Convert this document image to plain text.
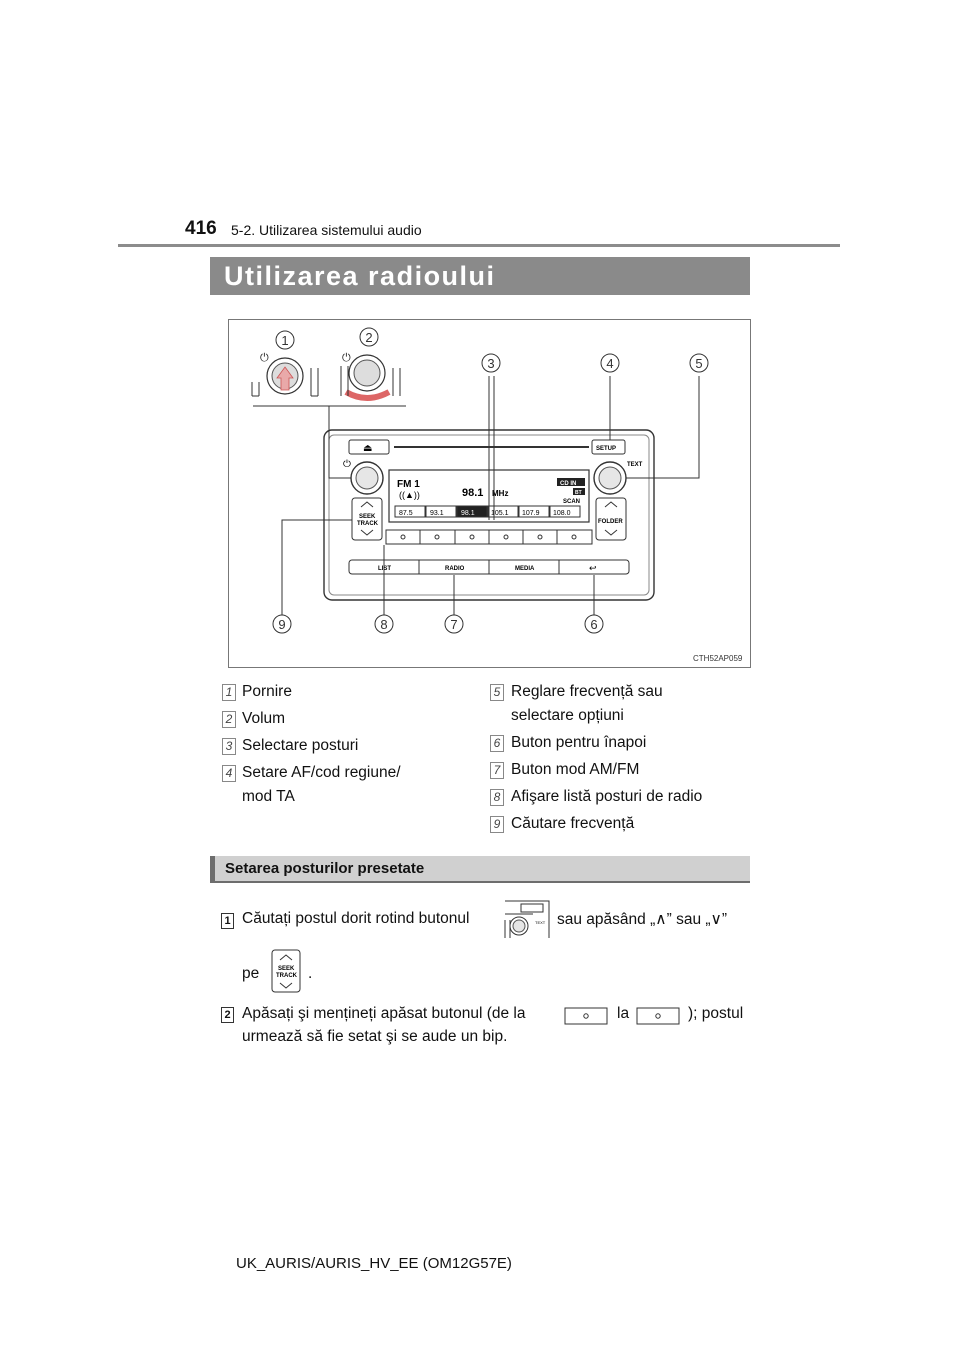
416 5-2. Utilizarea sistemului audio
Utilizarea radioului
⏻	⏻
⏏	SETUP
⏻	TEXT
FM 1
98.1 MHz
CD IN
BT
SCAN
((▲))
87.5 93.1 98.1 105.1 107.9 108.0
SEEK
TRACK	FOLDER
LIST	RADIO	MEDIA	↩
1	2
3	4	5
6
7
8
9
CTH52AP059
1 Pornire
2 Volum
3 Selectare posturi
4 Setare AF/cod regiune/
mod TA
5 Reglare frecvență sau
selectare opțiuni
6 Buton pentru înapoi
7 Buton mod AM/FM
8 Afişare listă posturi de radio
9 Căutare frecvență
Setarea posturilor presetate
1 Căutați postul dorit rotind butonul	TEXT sau apăsând „∧” sau „∨”
pe	SEEK
TRACK .
2 Apăsați şi mențineți apăsat butonul (de la	la	); postul
urmează să fie setat şi se aude un bip.
UK_AURIS/AURIS_HV_EE (OM12G57E)
